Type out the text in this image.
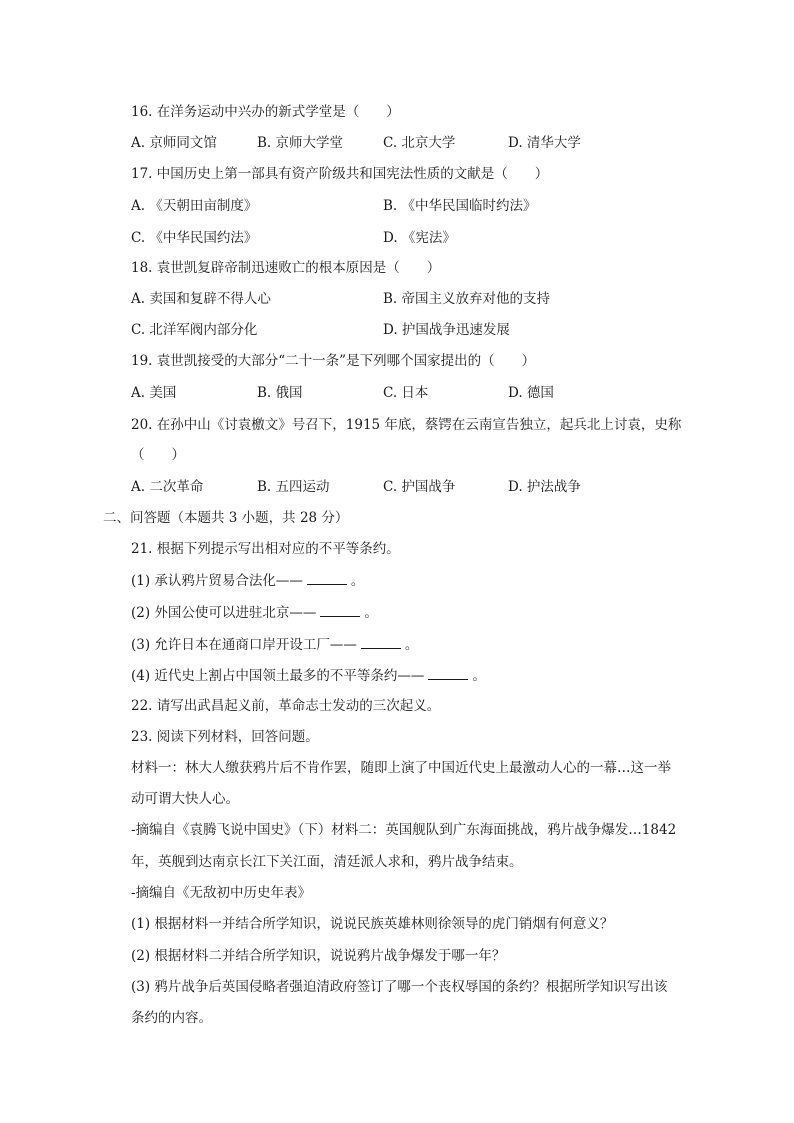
16. 在洋务运动中兴办的新式学堂是（　　）
A. 京师同文馆	B. 京师大学堂	C. 北京大学	D. 清华大学
17. 中国历史上第一部具有资产阶级共和国宪法性质的文献是（　　）
A. 《天朝田亩制度》	B. 《中华民国临时约法》
C. 《中华民国约法》	D. 《宪法》
18. 袁世凯复辟帝制迅速败亡的根本原因是（　　）
A. 卖国和复辟不得人心	B. 帝国主义放弃对他的支持
C. 北洋军阀内部分化	D. 护国战争迅速发展
19. 袁世凯接受的大部分“二十一条”是下列哪个国家提出的（　　）
A. 美国	B. 俄国	C. 日本	D. 德国
20. 在孙中山《讨袁檄文》号召下，1915 年底，蔡锷在云南宣告独立，起兵北上讨袁，史称
（　　）
A. 二次革命	B. 五四运动	C. 护国战争	D. 护法战争
二、问答题（本题共 3 小题，共 28 分）
21. 根据下列提示写出相对应的不平等条约。
(1) 承认鸦片贸易合法化——	。
(2) 外国公使可以进驻北京——	。
(3) 允许日本在通商口岸开设工厂——	。
(4) 近代史上割占中国领土最多的不平等条约——	。
22. 请写出武昌起义前，革命志士发动的三次起义。
23. 阅读下列材料，回答问题。
材料一：林大人缴获鸦片后不肯作罢，随即上演了中国近代史上最激动人心的一幕…这一举
动可谓大快人心。
-摘编自《袁腾飞说中国史》（下）材料二：英国舰队到广东海面挑战，鸦片战争爆发…1842
年，英舰到达南京长江下关江面，清廷派人求和，鸦片战争结束。
-摘编自《无敌初中历史年表》
(1) 根据材料一并结合所学知识，说说民族英雄林则徐领导的虎门销烟有何意义？
(2) 根据材料二并结合所学知识，说说鸦片战争爆发于哪一年？
(3) 鸦片战争后英国侵略者强迫清政府签订了哪一个丧权辱国的条约？根据所学知识写出该
条约的内容。
